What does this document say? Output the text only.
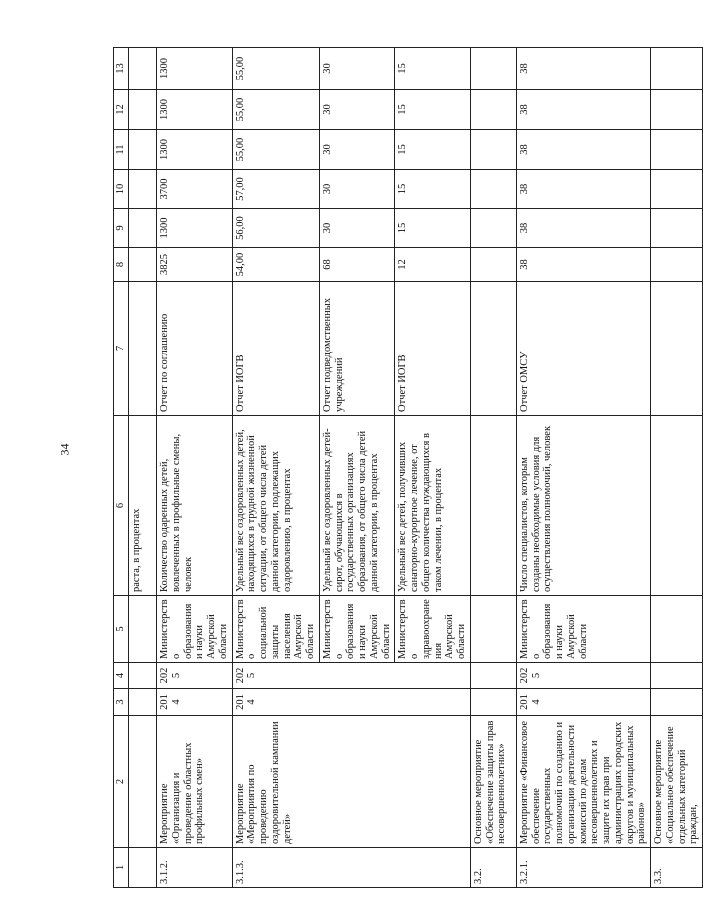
34
1	2	3	4	5	6	7	8	9	10	11	12	13
					раста, в процентах							
3.1.2.	Мероприятие «Организация и проведение областных профильных смен»	2014	2025	Министерство образования и науки Амурской области	Количество одаренных детей, вовлеченных в профильные смены, человек	Отчет по соглашению	3825	1300	3700	1300	1300	1300
3.1.3.	Мероприятие «Мероприятия по проведению оздоровительной кампании детей»	2014	2025	Министерство социальной защиты населения Амурской области	Удельный вес оздоровленных детей, находящихся в трудной жизненной ситуации, от общего числа детей данной категории, подлежащих оздоровлению, в процентах	Отчет ИОГВ	54,00	56,00	57,00	55,00	55,00	55,00
				Министерство образования и науки Амурской области	Удельный вес оздоровленных детей-сирот, обучающихся в государственных организациях образования, от общего числа детей данной категории, в процентах	Отчет подведомственных учреждений	68	30	30	30	30	30
				Министерство здравоохранения Амурской области	Удельный вес детей, получивших санаторно-курортное лечение, от общего количества нуждающихся в таком лечении, в процентах	Отчет ИОГВ	12	15	15	15	15	15
3.2.	Основное мероприятие «Обеспечение защиты прав несовершеннолетних»											
3.2.1.	Мероприятие «Финансовое обеспечение государственных полномочий по созданию и организации деятельности комиссий по делам несовершеннолетних и защите их прав при администрациях городских округов и муниципальных районов»	2014	2025	Министерство образования и науки Амурской области	Число специалистов, которым созданы необходимые условия для осуществления полномочий, человек	Отчет ОМСУ	38	38	38	38	38	38
3.3.	Основное мероприятие «Социальное обеспечение отдельных категорий граждан,											
